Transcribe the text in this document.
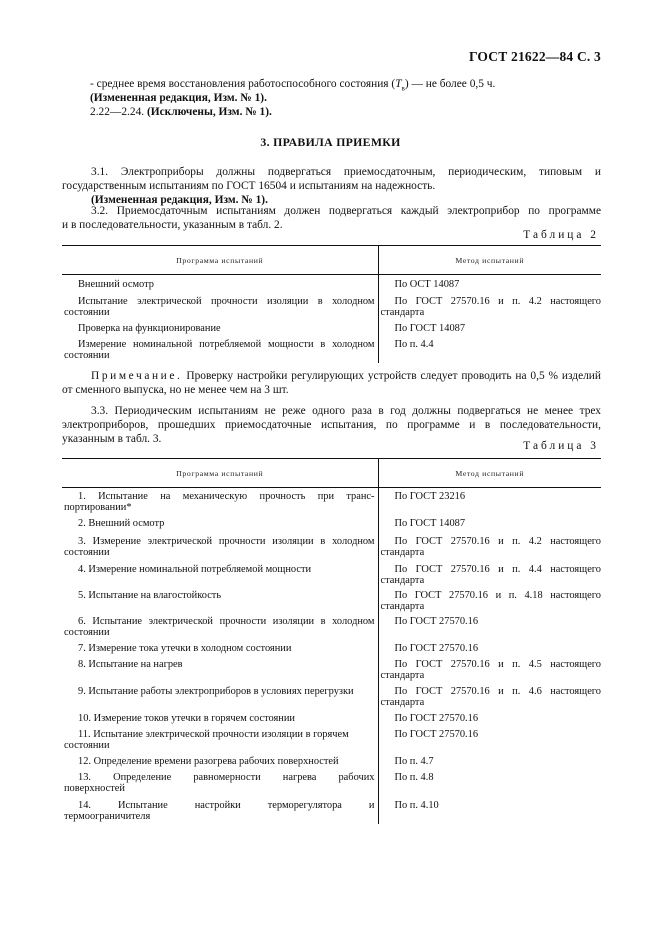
ГОСТ 21622—84 С. 3
- среднее время восстановления работоспособного состояния $(T_в)$ — не более 0,5 ч.
(Измененная редакция, Изм. № 1).
2.22—2.24. (Исключены, Изм. № 1).
3. ПРАВИЛА ПРИЕМКИ
3.1. Электроприборы должны подвергаться приемосдаточным, периодическим, типовым и
государственным испытаниям по ГОСТ 16504 и испытаниям на надежность.
(Измененная редакция, Изм. № 1).
3.2. Приемосдаточным испытаниям должен подвергаться каждый электроприбор по программе
и в последовательности, указанным в табл. 2.
Таблица 2
Программа испытаний	Метод испытаний

Внешний осмотр	По ОСТ 14087

Испытание электрической прочности изоляции в холодном
состоянии	По ГОСТ 27570.16 и п. 4.2 настоящего
стандарта

Проверка на функционирование	По ГОСТ 14087

Измерение номинальной потребляемой мощности в холодном
состоянии	По п. 4.4
Примечание. Проверку настройки регулирующих устройств следует проводить на 0,5 % изделий
от сменного выпуска, но не менее чем на 3 шт.
3.3. Периодическим испытаниям не реже одного раза в год должны подвергаться не менее трех
электроприборов, прошедших приемосдаточные испытания, по программе и в последовательности,
указанным в табл. 3.
Таблица 3
Программа испытаний	Метод испытаний

1. Испытание на механическую прочность при транс-
портировании*	По ГОСТ 23216

2. Внешний осмотр	По ГОСТ 14087

3. Измерение электрической прочности изоляции в холодном
состоянии	По ГОСТ 27570.16 и п. 4.2 настоящего
стандарта

4. Измерение номинальной потребляемой мощности	По ГОСТ 27570.16 и п. 4.4 настоящего
стандарта

5. Испытание на влагостойкость	По ГОСТ 27570.16 и п. 4.18 настоящего
стандарта

6. Испытание электрической прочности изоляции в холодном
состоянии	По ГОСТ 27570.16

7. Измерение тока утечки в холодном состоянии	По ГОСТ 27570.16

8. Испытание на нагрев	По ГОСТ 27570.16 и п. 4.5 настоящего
стандарта

9. Испытание работы электроприборов в условиях перегрузки	По ГОСТ 27570.16 и п. 4.6 настоящего
стандарта

10. Измерение токов утечки в горячем состоянии	По ГОСТ 27570.16

11. Испытание электрической прочности изоляции в горячем
состоянии	По ГОСТ 27570.16

12. Определение времени разогрева рабочих поверхностей	По п. 4.7

13. Определение равномерности нагрева рабочих
поверхностей	По п. 4.8

14. Испытание настройки терморегулятора и
термоограничителя	По п. 4.10
